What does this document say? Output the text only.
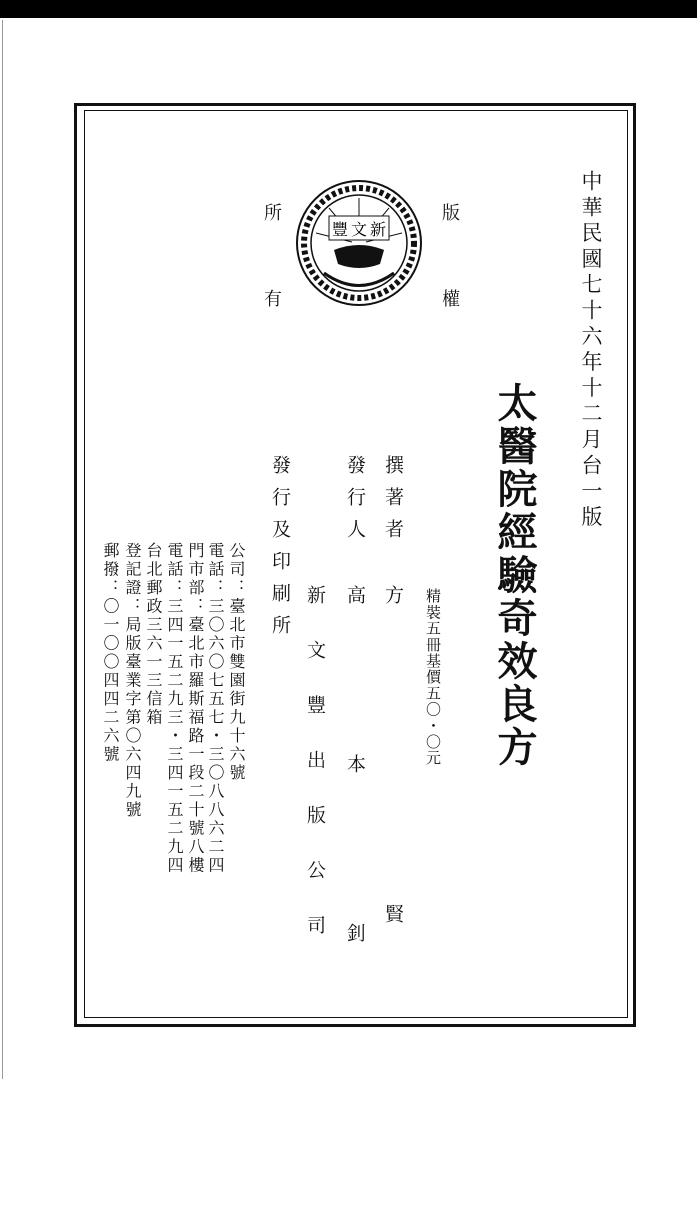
中華民國七十六年十二月台一版
太醫院經驗奇效良方
精裝五冊基價五〇・〇元
版
權
所
有
新
文
豐
撰著者
方賢
發行人
高本釗
發行及印刷所
新文豐出版公司
公司：臺北市雙園街九十六號
電話：三〇六〇七五七・三〇八八六二四
門市部：臺北市羅斯福路一段二十號八樓
電話：三四一五二九三・三四一五二九四
台北郵政三六一三信箱
登記證：局版臺業字第〇六四九號
郵撥：〇一〇〇四四二六號
